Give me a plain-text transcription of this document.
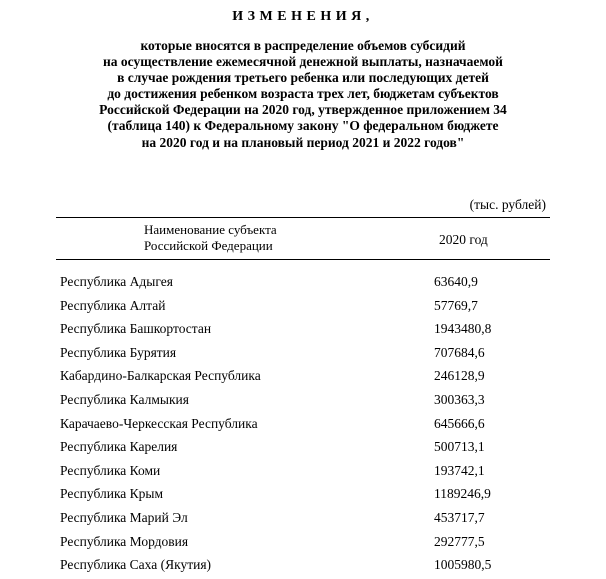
ИЗМЕНЕНИЯ,
которые вносятся в распределение объемов субсидий
на осуществление ежемесячной денежной выплаты, назначаемой
в случае рождения третьего ребенка или последующих детей
до достижения ребенком возраста трех лет, бюджетам субъектов
Российской Федерации на 2020 год, утвержденное приложением 34
(таблица 140) к Федеральному закону "О федеральном бюджете
на 2020 год и на плановый период 2021 и 2022 годов"
(тыс. рублей)
Наименование субъекта
Российской Федерации	2020 год
Республика Адыгея	63640,9
Республика Алтай	57769,7
Республика Башкортостан	1943480,8
Республика Бурятия	707684,6
Кабардино-Балкарская Республика	246128,9
Республика Калмыкия	300363,3
Карачаево-Черкесская Республика	645666,6
Республика Карелия	500713,1
Республика Коми	193742,1
Республика Крым	1189246,9
Республика Марий Эл	453717,7
Республика Мордовия	292777,5
Республика Саха (Якутия)	1005980,5
